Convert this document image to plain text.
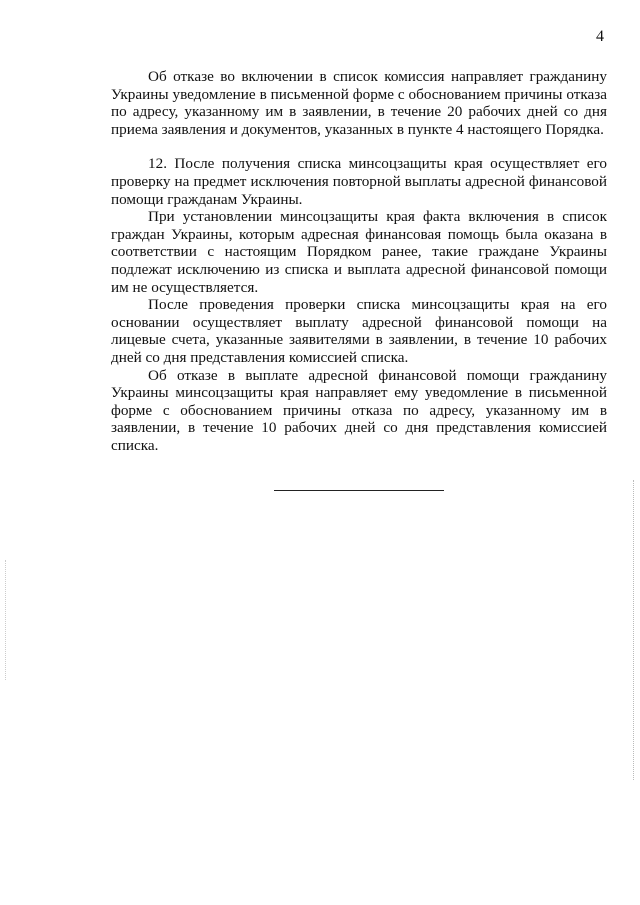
4

Об отказе во включении в список комиссия направляет гражданину Украины уведомление в письменной форме с обоснованием причины отказа по адресу, указанному им в заявлении, в течение 20 рабочих дней со дня приема заявления и документов, указанных в пункте 4 настоящего Порядка.

12. После получения списка минсоцзащиты края осуществляет его проверку на предмет исключения повторной выплаты адресной финансовой помощи гражданам Украины.

При установлении минсоцзащиты края факта включения в список граждан Украины, которым адресная финансовая помощь была оказана в соответствии с настоящим Порядком ранее, такие граждане Украины подлежат исключению из списка и выплата адресной финансовой помощи им не осуществляется.

После проведения проверки списка минсоцзащиты края на его основании осуществляет выплату адресной финансовой помощи на лицевые счета, указанные заявителями в заявлении, в течение 10 рабочих дней со дня представления комиссией списка.

Об отказе в выплате адресной финансовой помощи гражданину Украины минсоцзащиты края направляет ему уведомление в письменной форме с обоснованием причины отказа по адресу, указанному им в заявлении, в течение 10 рабочих дней со дня представления комиссией списка.
